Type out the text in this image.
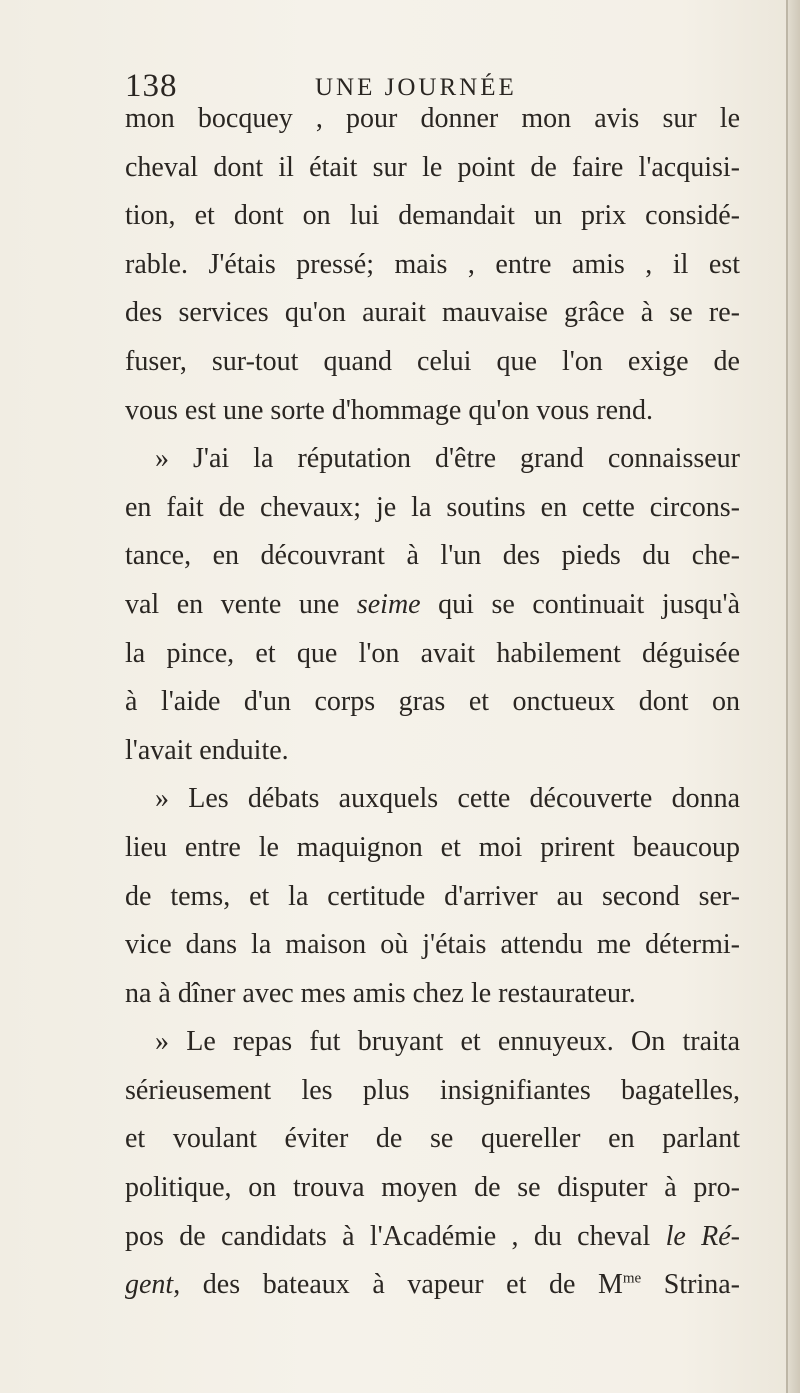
138	UNE JOURNÉE
mon bocquey , pour donner mon avis sur le
cheval dont il était sur le point de faire l'acquisi-
tion, et dont on lui demandait un prix considé-
rable. J'étais pressé; mais , entre amis , il est
des services qu'on aurait mauvaise grâce à se re-
fuser, sur-tout quand celui que l'on exige de
vous est une sorte d'hommage qu'on vous rend.
» J'ai la réputation d'être grand connaisseur
en fait de chevaux; je la soutins en cette circons-
tance, en découvrant à l'un des pieds du che-
val en vente une seime qui se continuait jusqu'à
la pince, et que l'on avait habilement déguisée
à l'aide d'un corps gras et onctueux dont on
l'avait enduite.
» Les débats auxquels cette découverte donna
lieu entre le maquignon et moi prirent beaucoup
de tems, et la certitude d'arriver au second ser-
vice dans la maison où j'étais attendu me détermi-
na à dîner avec mes amis chez le restaurateur.
» Le repas fut bruyant et ennuyeux. On traita
sérieusement les plus insignifiantes bagatelles,
et voulant éviter de se quereller en parlant
politique, on trouva moyen de se disputer à pro-
pos de candidats à l'Académie , du cheval le Ré-
gent, des bateaux à vapeur et de $M^{me}$ Strina-
